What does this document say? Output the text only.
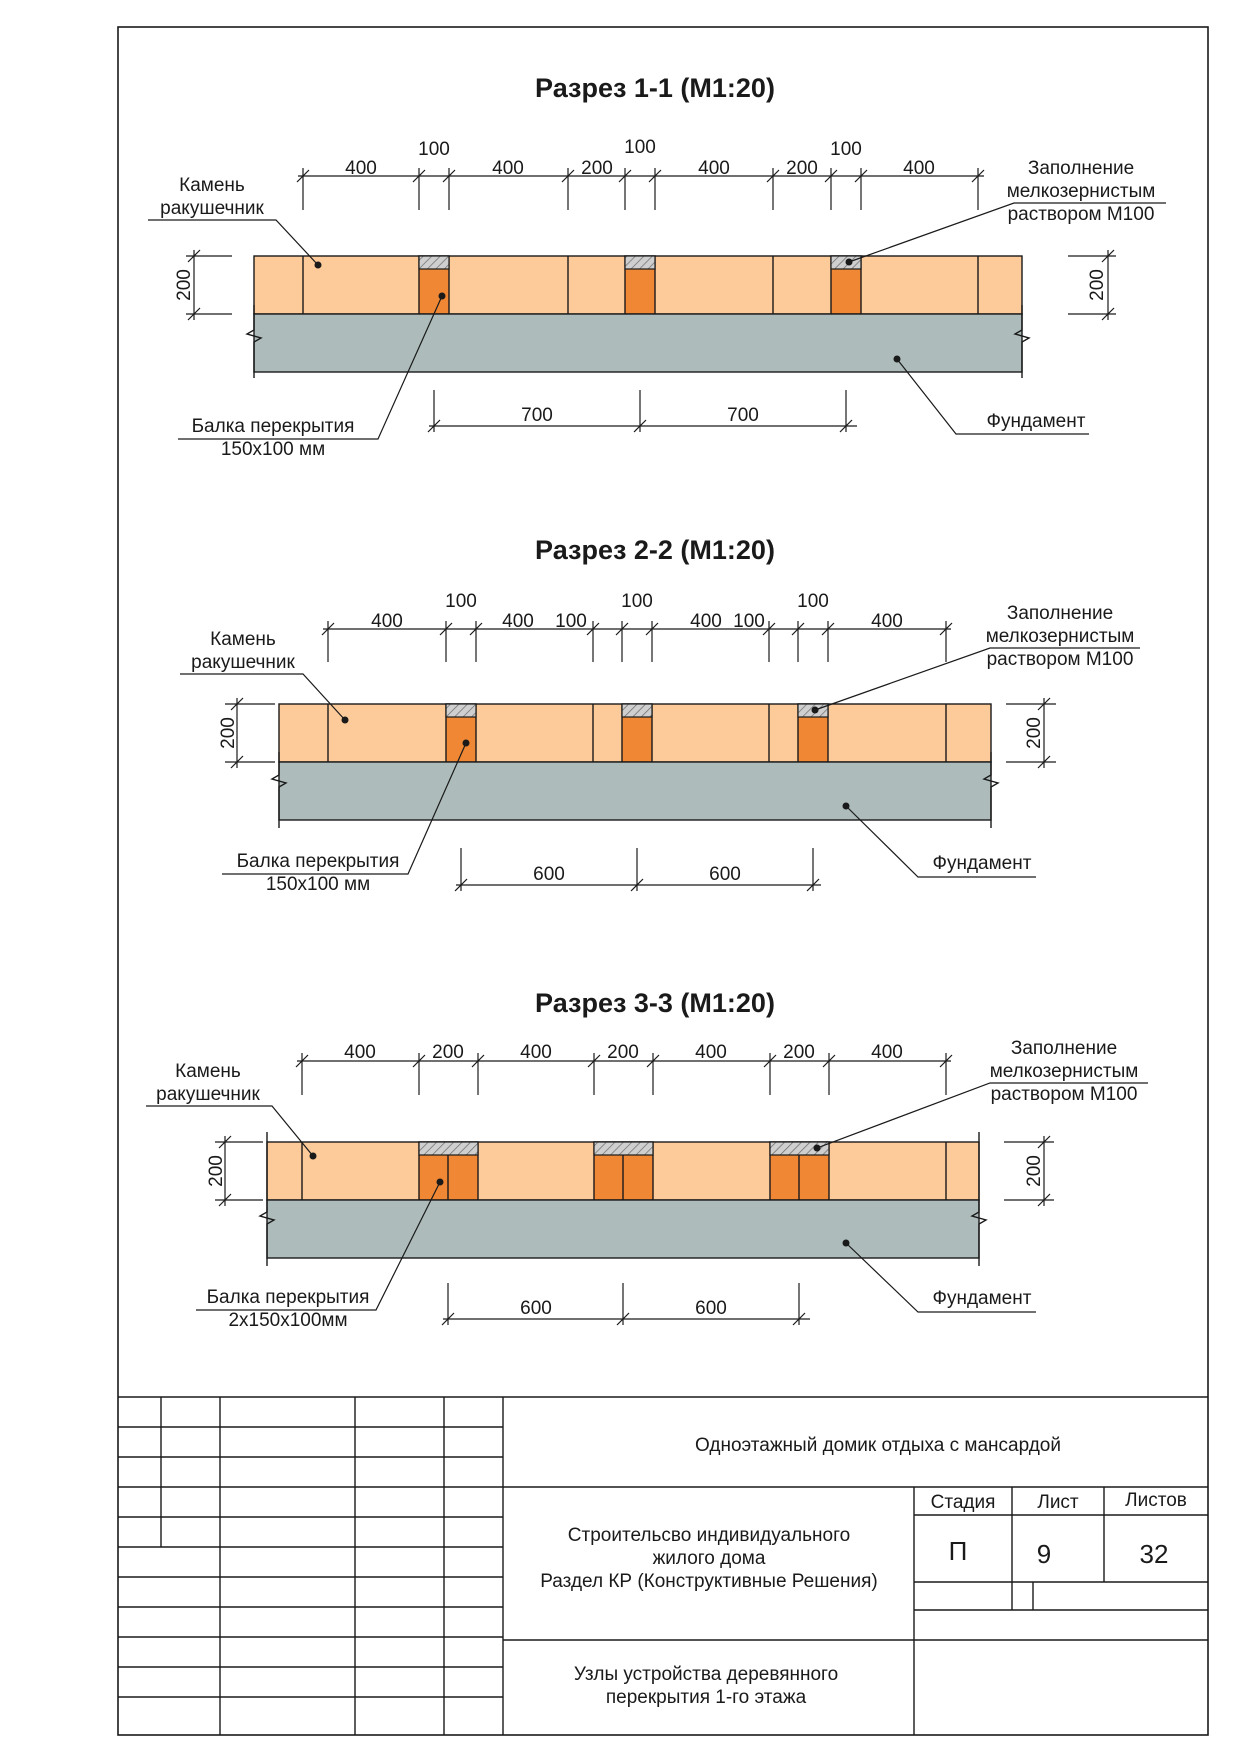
Разрез 1-1 (М1:20)
400
100
400	200
100
400	200
100
400
200	200
700	700
Камень
ракушечник
Заполнение
мелкозернистым
раствором М100
Балка перекрытия
150х100 мм
Фундамент
Разрез 2-2 (М1:20)
400
100
400 100
100
400 100
100
400
200	200
600	600
Камень
ракушечник
Заполнение
мелкозернистым
раствором М100
Балка перекрытия
150х100 мм
Фундамент
Разрез 3-3 (М1:20)
400	200	400	200	400	200	400
200	200
600	600
Камень
ракушечник
Заполнение
мелкозернистым
раствором М100
Балка перекрытия
2х150х100мм
Фундамент
Одноэтажный домик отдыха с мансардой
Строительсво индивидуального
жилого дома
Раздел КР (Конструктивные Решения)
Узлы устройства деревянного
перекрытия 1-го этажа
Стадия Лист Листов
П	9	32
